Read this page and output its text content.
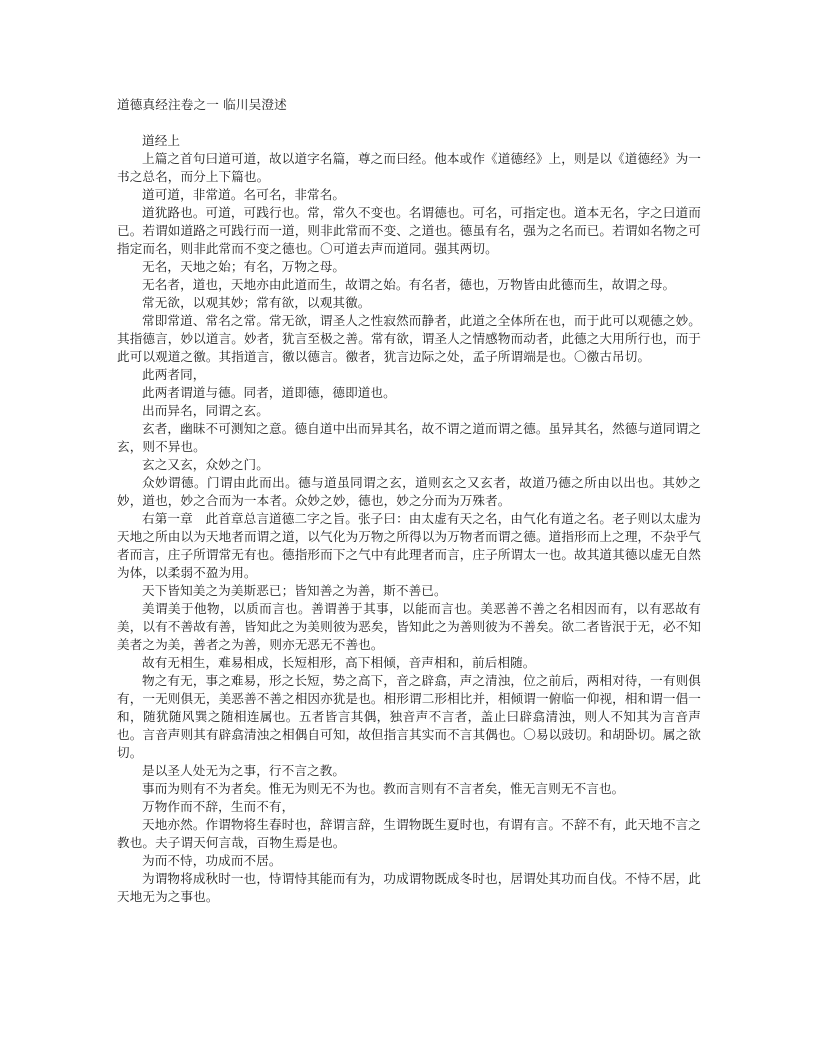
道德真经注卷之一 临川吴澄述

道经上

上篇之首句曰道可道，故以道字名篇，尊之而曰经。他本或作《道德经》上，则是以《道德经》为一书之总名，而分上下篇也。

道可道，非常道。名可名，非常名。

道犹路也。可道，可践行也。常，常久不变也。名谓德也。可名，可指定也。道本无名，字之曰道而已。若谓如道路之可践行而一道，则非此常而不变、之道也。德虽有名，强为之名而已。若谓如名物之可指定而名，则非此常而不变之德也。〇可道去声而道同。强其两切。

无名，天地之始；有名，万物之母。

无名者，道也，天地亦由此道而生，故谓之始。有名者，德也，万物皆由此德而生，故谓之母。

常无欲，以观其妙；常有欲，以观其徼。

常即常道、常名之常。常无欲，谓圣人之性寂然而静者，此道之全体所在也，而于此可以观德之妙。其指德言，妙以道言。妙者，犹言至极之善。常有欲，谓圣人之情感物而动者，此德之大用所行也，而于此可以观道之徼。其指道言，徼以德言。徼者，犹言边际之处，孟子所谓端是也。〇徼古吊切。

此两者同，

此两者谓道与德。同者，道即德，德即道也。

出而异名，同谓之玄。

玄者，幽昧不可测知之意。德自道中出而异其名，故不谓之道而谓之德。虽异其名，然德与道同谓之玄，则不异也。

玄之又玄，众妙之门。

众妙谓德。门谓由此而出。德与道虽同谓之玄，道则玄之又玄者，故道乃德之所由以出也。其妙之妙，道也，妙之合而为一本者。众妙之妙，德也，妙之分而为万殊者。

右第一章　此首章总言道德二字之旨。张子曰：由太虚有天之名，由气化有道之名。老子则以太虚为天地之所由以为天地者而谓之道，以气化为万物之所得以为万物者而谓之德。道指形而上之理，不杂乎气者而言，庄子所谓常无有也。德指形而下之气中有此理者而言，庄子所谓太一也。故其道其德以虚无自然为体，以柔弱不盈为用。

天下皆知美之为美斯恶已；皆知善之为善，斯不善已。

美谓美于他物，以质而言也。善谓善于其事，以能而言也。美恶善不善之名相因而有，以有恶故有美，以有不善故有善，皆知此之为美则彼为恶矣，皆知此之为善则彼为不善矣。欲二者皆泯于无，必不知美者之为美，善者之为善，则亦无恶无不善也。

故有无相生，难易相成，长短相形，高下相倾，音声相和，前后相随。

物之有无，事之难易，形之长短，势之高下，音之辟翕，声之清浊，位之前后，两相对待，一有则俱有，一无则俱无，美恶善不善之相因亦犹是也。相形谓二形相比并，相倾谓一俯临一仰视，相和谓一倡一和，随犹随风巽之随相连属也。五者皆言其偶，独音声不言者，盖止曰辟翕清浊，则人不知其为言音声也。言音声则其有辟翕清浊之相偶自可知，故但指言其实而不言其偶也。〇易以豉切。和胡卧切。属之欲切。

是以圣人处无为之事，行不言之教。

事而为则有不为者矣。惟无为则无不为也。教而言则有不言者矣，惟无言则无不言也。

万物作而不辞，生而不有，

天地亦然。作谓物将生春时也，辞谓言辞，生谓物既生夏时也，有谓有言。不辞不有，此天地不言之教也。夫子谓天何言哉，百物生焉是也。

为而不恃，功成而不居。

为谓物将成秋时一也，恃谓恃其能而有为，功成谓物既成冬时也，居谓处其功而自伐。不恃不居，此天地无为之事也。
